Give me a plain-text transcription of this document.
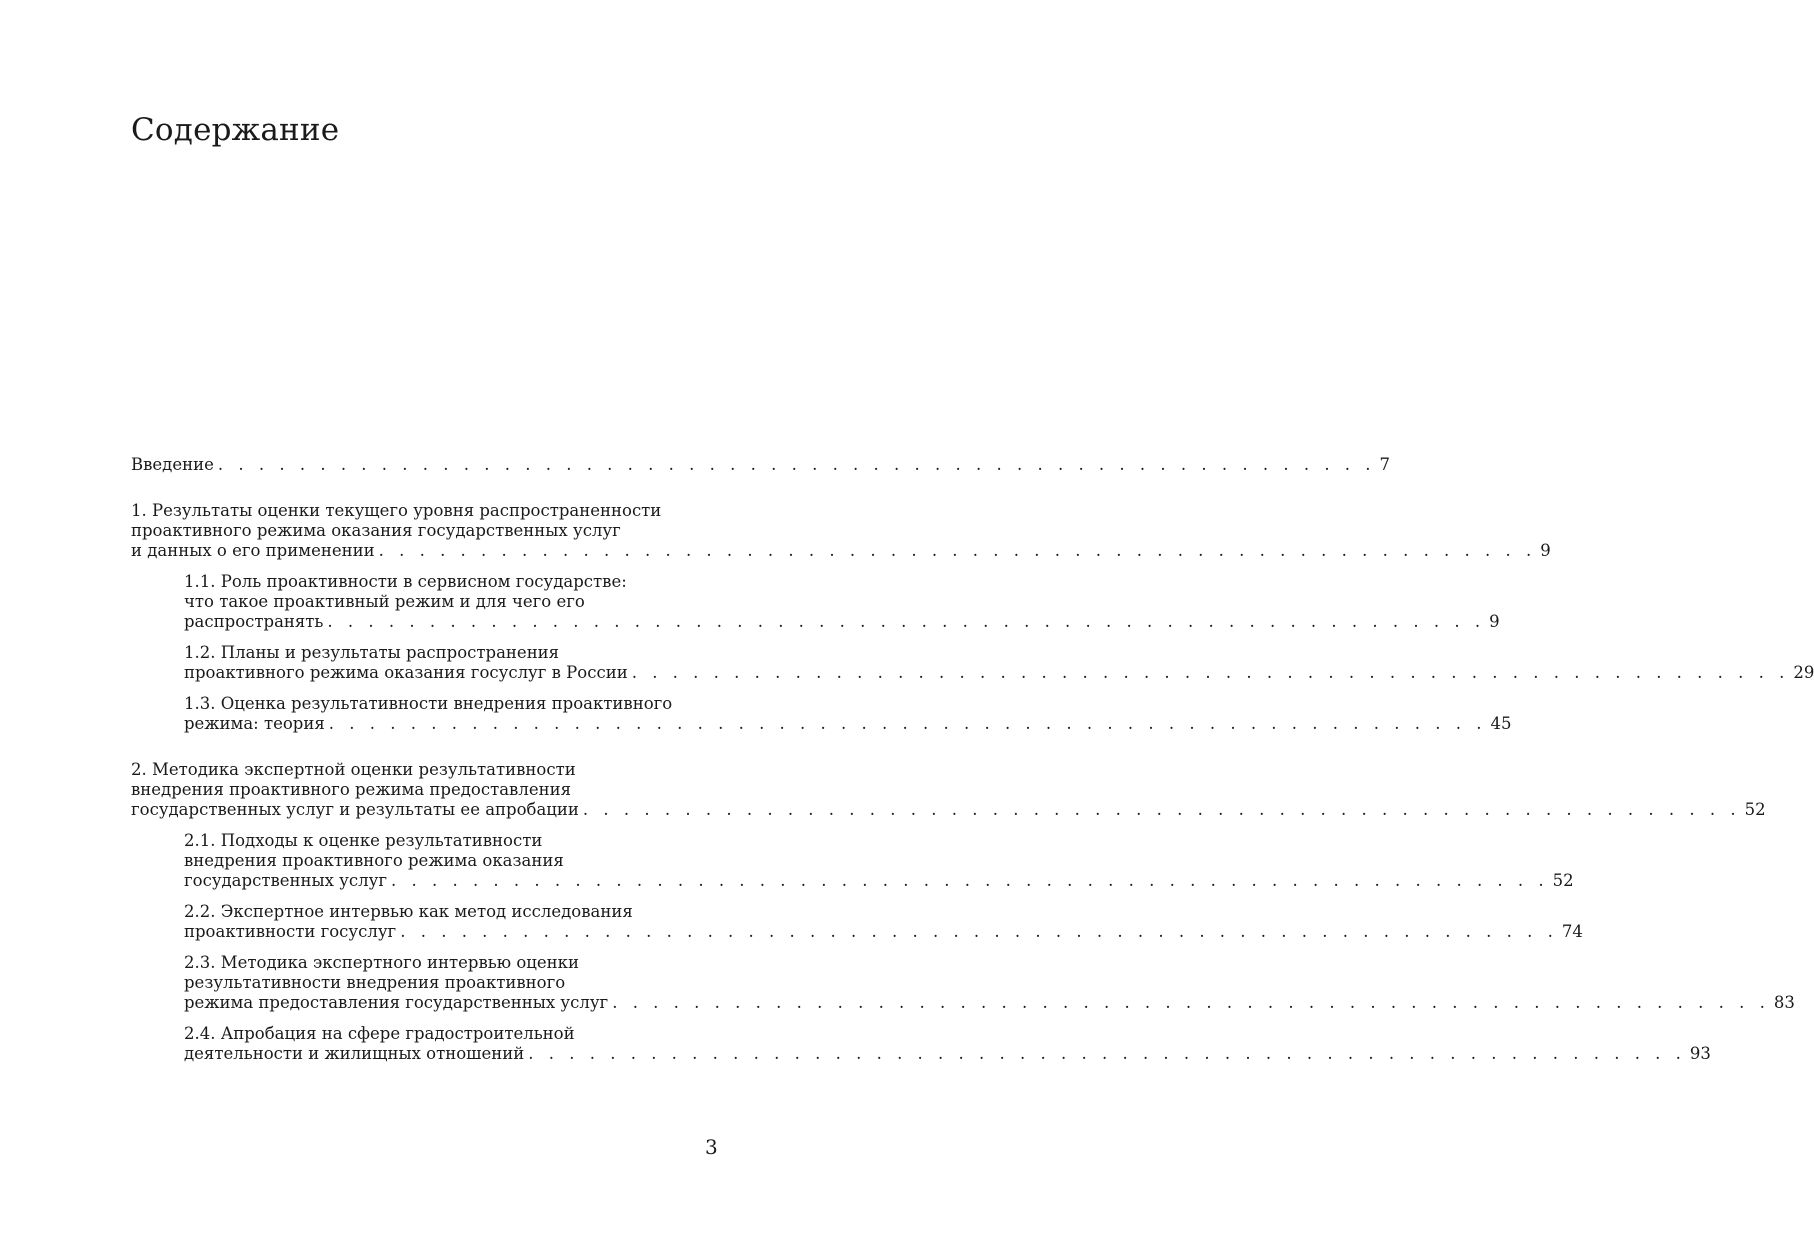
Содержание
Введение . . . . . . . . . . . . . . . . . . . . . . . . . . . . . . . . . . . . . . . . . . . . . . . . . . . . . . . . . 7
1. Результаты оценки текущего уровня распространенности
проактивного режима оказания государственных услуг
и данных о его применении . . . . . . . . . . . . . . . . . . . . . . . . . . . . . . . . . . . . . . . . . . . . . . . . . . . . . . . . . 9
1.1. Роль проактивности в сервисном государстве:
что такое проактивный режим и для чего его
распространять . . . . . . . . . . . . . . . . . . . . . . . . . . . . . . . . . . . . . . . . . . . . . . . . . . . . . . . . . 9
1.2. Планы и результаты распространения
проактивного режима оказания госуслуг в России . . . . . . . . . . . . . . . . . . . . . . . . . . . . . . . . . . . . . . . . . . . . . . . . . . . . . . . . . 29
1.3. Оценка результативности внедрения проактивного
режима: теория . . . . . . . . . . . . . . . . . . . . . . . . . . . . . . . . . . . . . . . . . . . . . . . . . . . . . . . . . 45
2. Методика экспертной оценки результативности
внедрения проактивного режима предоставления
государственных услуг и результаты ее апробации . . . . . . . . . . . . . . . . . . . . . . . . . . . . . . . . . . . . . . . . . . . . . . . . . . . . . . . . . 52
2.1. Подходы к оценке результативности
внедрения проактивного режима оказания
государственных услуг . . . . . . . . . . . . . . . . . . . . . . . . . . . . . . . . . . . . . . . . . . . . . . . . . . . . . . . . . 52
2.2. Экспертное интервью как метод исследования
проактивности госуслуг . . . . . . . . . . . . . . . . . . . . . . . . . . . . . . . . . . . . . . . . . . . . . . . . . . . . . . . . . 74
2.3. Методика экспертного интервью оценки
результативности внедрения проактивного
режима предоставления государственных услуг . . . . . . . . . . . . . . . . . . . . . . . . . . . . . . . . . . . . . . . . . . . . . . . . . . . . . . . . . 83
2.4. Апробация на сфере градостроительной
деятельности и жилищных отношений . . . . . . . . . . . . . . . . . . . . . . . . . . . . . . . . . . . . . . . . . . . . . . . . . . . . . . . . . 93
3
